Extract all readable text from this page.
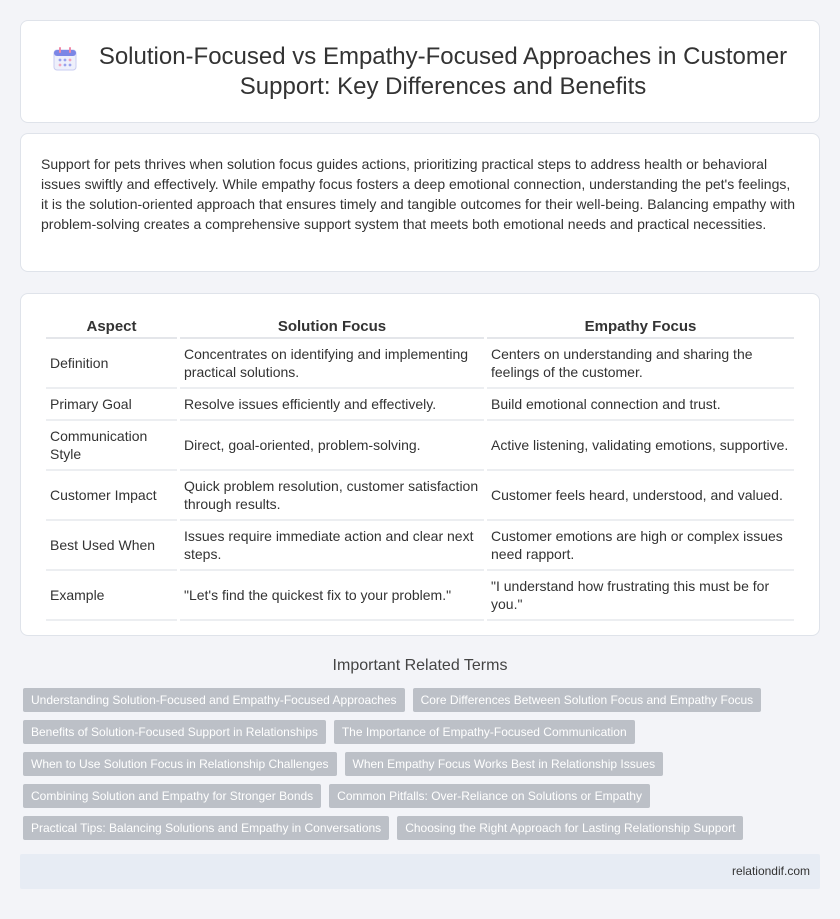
Solution-Focused vs Empathy-Focused Approaches in Customer Support: Key Differences and Benefits

Support for pets thrives when solution focus guides actions, prioritizing practical steps to address health or behavioral issues swiftly and effectively. While empathy focus fosters a deep emotional connection, understanding the pet's feelings, it is the solution-oriented approach that ensures timely and tangible outcomes for their well-being. Balancing empathy with problem-solving creates a comprehensive support system that meets both emotional needs and practical necessities.

Aspect	Solution Focus	Empathy Focus
Definition	Concentrates on identifying and implementing practical solutions.	Centers on understanding and sharing the feelings of the customer.
Primary Goal	Resolve issues efficiently and effectively.	Build emotional connection and trust.
Communication Style	Direct, goal-oriented, problem-solving.	Active listening, validating emotions, supportive.
Customer Impact	Quick problem resolution, customer satisfaction through results.	Customer feels heard, understood, and valued.
Best Used When	Issues require immediate action and clear next steps.	Customer emotions are high or complex issues need rapport.
Example	"Let's find the quickest fix to your problem."	"I understand how frustrating this must be for you."
Important Related Terms
Understanding Solution-Focused and Empathy-Focused Approaches	Core Differences Between Solution Focus and Empathy Focus
Benefits of Solution-Focused Support in Relationships	The Importance of Empathy-Focused Communication
When to Use Solution Focus in Relationship Challenges	When Empathy Focus Works Best in Relationship Issues
Combining Solution and Empathy for Stronger Bonds	Common Pitfalls: Over-Reliance on Solutions or Empathy
Practical Tips: Balancing Solutions and Empathy in Conversations	Choosing the Right Approach for Lasting Relationship Support
relationdif.com
